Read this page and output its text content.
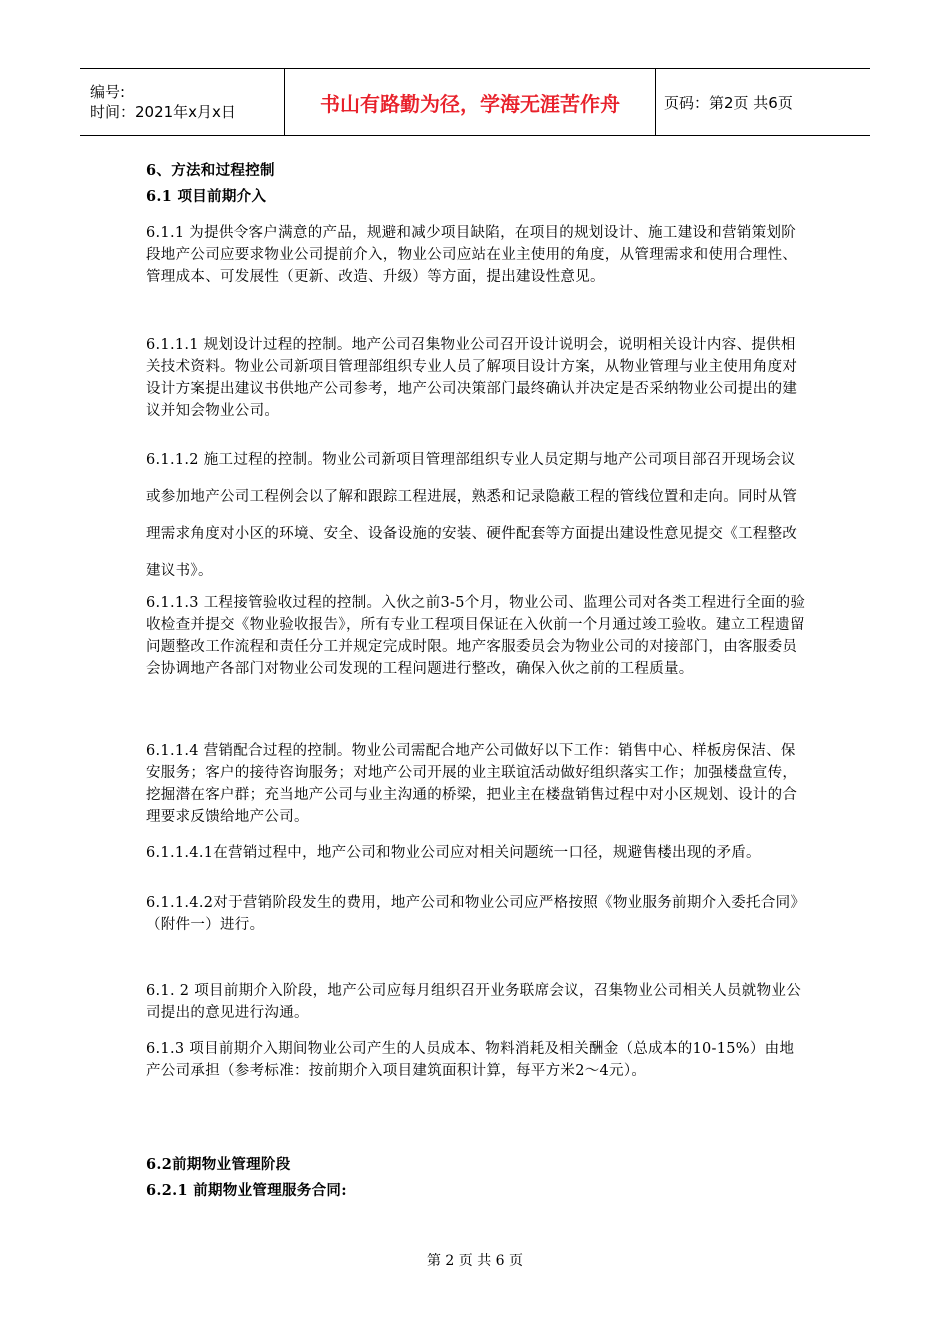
编号:
时间：2021年x月x日	书山有路勤为径，学海无涯苦作舟	页码：第2页 共6页
6、方法和过程控制
6.1 项目前期介入
6.1.1 为提供令客户满意的产品，规避和减少项目缺陷，在项目的规划设计、施工建设和营销策划阶段地产公司应要求物业公司提前介入，物业公司应站在业主使用的角度，从管理需求和使用合理性、管理成本、可发展性（更新、改造、升级）等方面，提出建设性意见。
6.1.1.1 规划设计过程的控制。地产公司召集物业公司召开设计说明会，说明相关设计内容、提供相关技术资料。物业公司新项目管理部组织专业人员了解项目设计方案，从物业管理与业主使用角度对设计方案提出建议书供地产公司参考，地产公司决策部门最终确认并决定是否采纳物业公司提出的建议并知会物业公司。
6.1.1.2 施工过程的控制。物业公司新项目管理部组织专业人员定期与地产公司项目部召开现场会议或参加地产公司工程例会以了解和跟踪工程进展，熟悉和记录隐蔽工程的管线位置和走向。同时从管理需求角度对小区的环境、安全、设备设施的安装、硬件配套等方面提出建设性意见提交《工程整改建议书》。
6.1.1.3 工程接管验收过程的控制。入伙之前3-5个月，物业公司、监理公司对各类工程进行全面的验收检查并提交《物业验收报告》，所有专业工程项目保证在入伙前一个月通过竣工验收。建立工程遗留问题整改工作流程和责任分工并规定完成时限。地产客服委员会为物业公司的对接部门，由客服委员会协调地产各部门对物业公司发现的工程问题进行整改，确保入伙之前的工程质量。
6.1.1.4 营销配合过程的控制。物业公司需配合地产公司做好以下工作：销售中心、样板房保洁、保安服务；客户的接待咨询服务；对地产公司开展的业主联谊活动做好组织落实工作；加强楼盘宣传，挖掘潜在客户群；充当地产公司与业主沟通的桥梁，把业主在楼盘销售过程中对小区规划、设计的合理要求反馈给地产公司。
6.1.1.4.1在营销过程中，地产公司和物业公司应对相关问题统一口径，规避售楼出现的矛盾。
6.1.1.4.2对于营销阶段发生的费用，地产公司和物业公司应严格按照《物业服务前期介入委托合同》（附件一）进行。
6.1. 2 项目前期介入阶段，地产公司应每月组织召开业务联席会议，召集物业公司相关人员就物业公司提出的意见进行沟通。
6.1.3 项目前期介入期间物业公司产生的人员成本、物料消耗及相关酬金（总成本的10-15%）由地产公司承担（参考标准：按前期介入项目建筑面积计算，每平方米2～4元）。
6.2前期物业管理阶段
6.2.1 前期物业管理服务合同:
第 2 页 共 6 页
